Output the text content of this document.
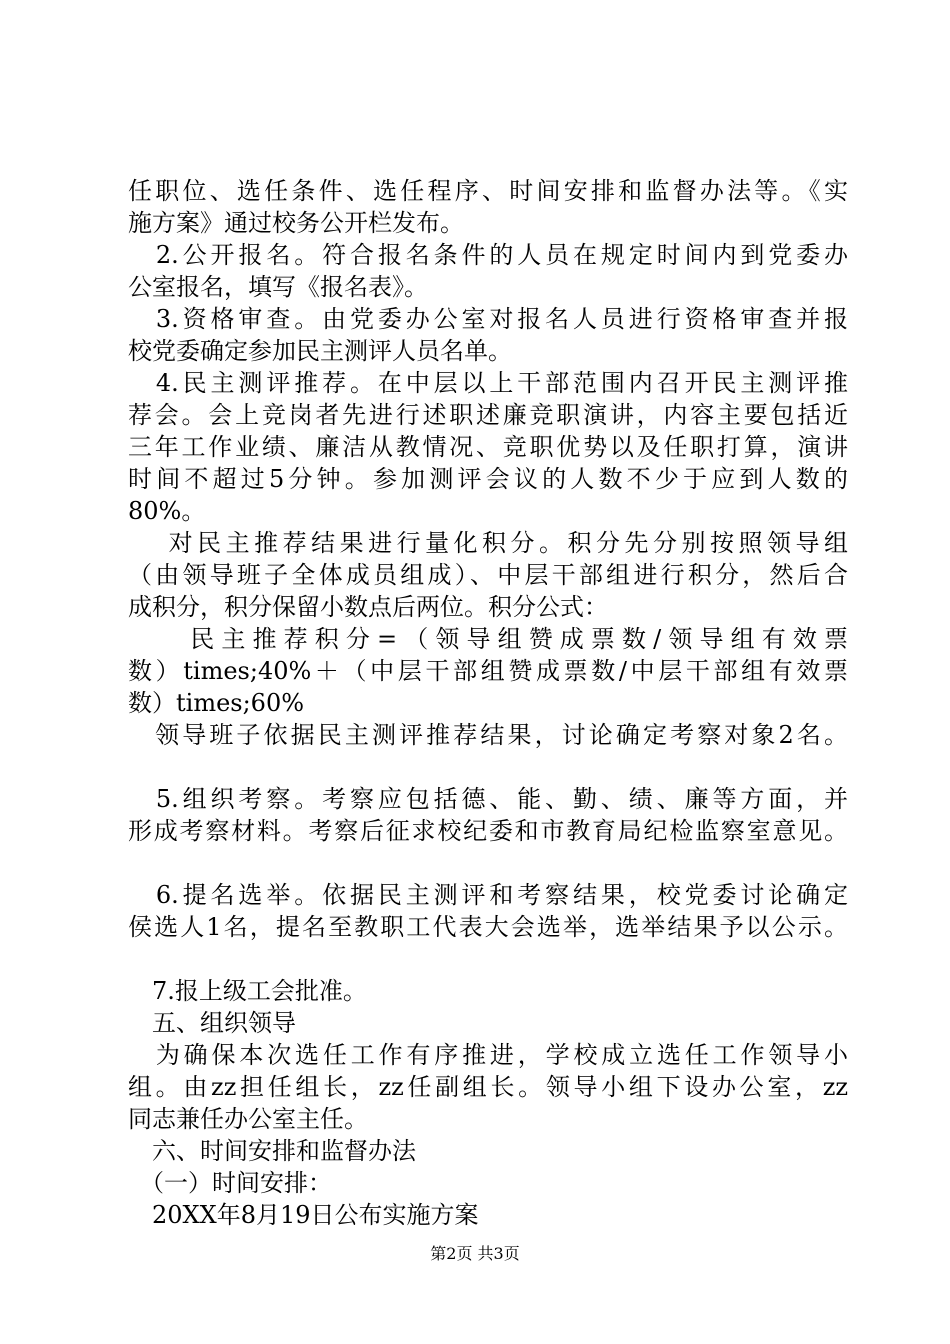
任职位、选任条件、选任程序、时间安排和监督办法等。《实
施方案》通过校务公开栏发布。
　2.公开报名。符合报名条件的人员在规定时间内到党委办
公室报名，填写《报名表》。
　3.资格审查。由党委办公室对报名人员进行资格审查并报
校党委确定参加民主测评人员名单。
　4.民主测评推荐。在中层以上干部范围内召开民主测评推
荐会。会上竞岗者先进行述职述廉竞职演讲，内容主要包括近
三年工作业绩、廉洁从教情况、竞职优势以及任职打算，演讲
时间不超过5分钟。参加测评会议的人数不少于应到人数的
80%。
　 对民主推荐结果进行量化积分。积分先分别按照领导组
（由领导班子全体成员组成）、中层干部组进行积分，然后合
成积分，积分保留小数点后两位。积分公式：
　　民主推荐积分=（领导组赞成票数/领导组有效票
数）times;40%＋（中层干部组赞成票数/中层干部组有效票
数）times;60%
　领导班子依据民主测评推荐结果，讨论确定考察对象2名。
　5.组织考察。考察应包括德、能、勤、绩、廉等方面，并
形成考察材料。考察后征求校纪委和市教育局纪检监察室意见。
　6.提名选举。依据民主测评和考察结果，校党委讨论确定
侯选人1名，提名至教职工代表大会选举，选举结果予以公示。
　7.报上级工会批准。
　五、组织领导
　为确保本次选任工作有序推进，学校成立选任工作领导小
组。由zz担任组长，zz任副组长。领导小组下设办公室，zz
同志兼任办公室主任。
　六、时间安排和监督办法
　（一）时间安排：
　20XX年8月19日公布实施方案
第2页 共3页
